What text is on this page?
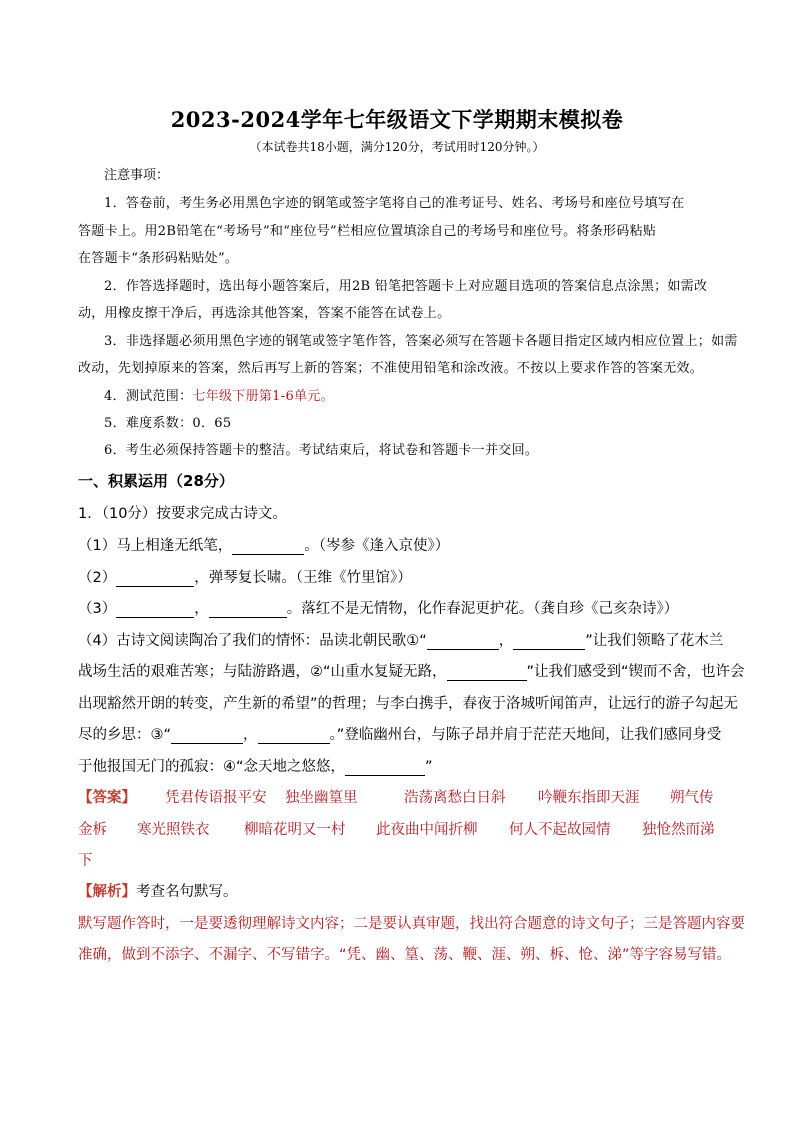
2023-2024学年七年级语文下学期期末模拟卷
（本试卷共18小题，满分120分，考试用时120分钟。）
注意事项：
1．答卷前，考生务必用黑色字迹的钢笔或签字笔将自己的准考证号、姓名、考场号和座位号填写在
答题卡上。用2B铅笔在“考场号”和“座位号”栏相应位置填涂自己的考场号和座位号。将条形码粘贴
在答题卡“条形码粘贴处”。
2．作答选择题时，选出每小题答案后，用2B 铅笔把答题卡上对应题目选项的答案信息点涂黑；如需改
动，用橡皮擦干净后，再选涂其他答案，答案不能答在试卷上。
3．非选择题必须用黑色字迹的钢笔或签字笔作答，答案必须写在答题卡各题目指定区域内相应位置上；如需
改动，先划掉原来的答案，然后再写上新的答案；不准使用铅笔和涂改液。不按以上要求作答的答案无效。
4．测试范围：七年级下册第1-6单元。
5．难度系数：0．65
6．考生必须保持答题卡的整洁。考试结束后，将试卷和答题卡一并交回。
一、积累运用（28分）
1．（10分）按要求完成古诗文。
（1）马上相逢无纸笔，	。（岑参《逢入京使》）
（2）	，弹琴复长啸。（王维《竹里馆》）
（3）	，	。落红不是无情物，化作春泥更护花。（龚自珍《己亥杂诗》）
（4）古诗文阅读陶冶了我们的情怀：品读北朝民歌①“	，	”让我们领略了花木兰
战场生活的艰难苦寒；与陆游路遇，②“山重水复疑无路，	”让我们感受到“锲而不舍，也许会
出现豁然开朗的转变，产生新的希望”的哲理；与李白携手，春夜于洛城听闻笛声，让远行的游子勾起无
尽的乡思：③“	，	。”登临幽州台，与陈子昂并肩于茫茫天地间，让我们感同身受
于他报国无门的孤寂：④“念天地之悠悠，	”
【答案】 凭君传语报平安 独坐幽篁里	浩荡离愁白日斜 吟鞭东指即天涯 朔气传
金柝 寒光照铁衣 柳暗花明又一村 此夜曲中闻折柳 何人不起故园情 独怆然而涕
下
【解析】考查名句默写。
默写题作答时，一是要透彻理解诗文内容；二是要认真审题，找出符合题意的诗文句子；三是答题内容要
准确，做到不添字、不漏字、不写错字。“凭、幽、篁、荡、鞭、涯、朔、柝、怆、涕”等字容易写错。
